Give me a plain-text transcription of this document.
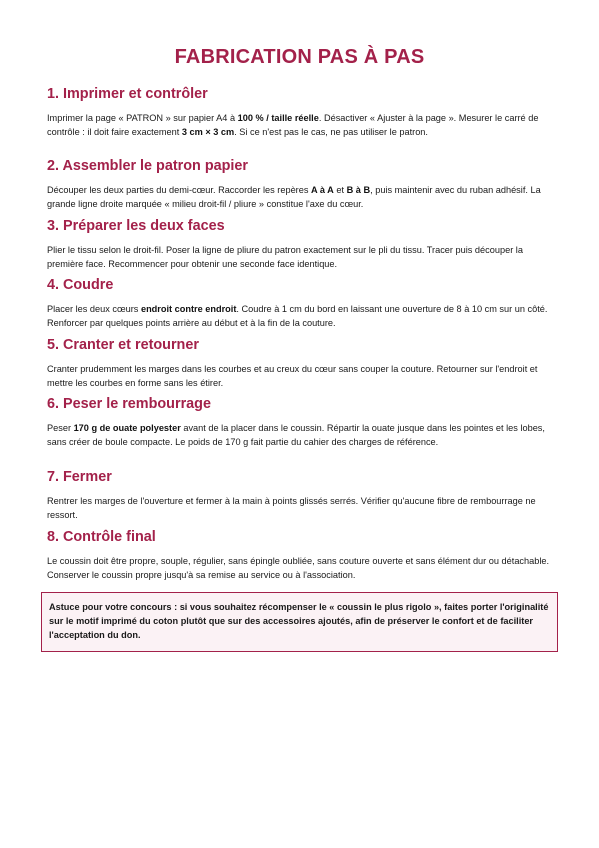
FABRICATION PAS À PAS
1. Imprimer et contrôler

Imprimer la page « PATRON » sur papier A4 à 100 % / taille réelle. Désactiver « Ajuster à la page ». Mesurer le carré de contrôle : il doit faire exactement 3 cm × 3 cm. Si ce n'est pas le cas, ne pas utiliser le patron.

2. Assembler le patron papier

Découper les deux parties du demi-cœur. Raccorder les repères A à A et B à B, puis maintenir avec du ruban adhésif. La grande ligne droite marquée « milieu droit-fil / pliure » constitue l'axe du cœur.

3. Préparer les deux faces

Plier le tissu selon le droit-fil. Poser la ligne de pliure du patron exactement sur le pli du tissu. Tracer puis découper la première face. Recommencer pour obtenir une seconde face identique.

4. Coudre

Placer les deux cœurs endroit contre endroit. Coudre à 1 cm du bord en laissant une ouverture de 8 à 10 cm sur un côté. Renforcer par quelques points arrière au début et à la fin de la couture.

5. Cranter et retourner

Cranter prudemment les marges dans les courbes et au creux du cœur sans couper la couture. Retourner sur l'endroit et mettre les courbes en forme sans les étirer.

6. Peser le rembourrage

Peser 170 g de ouate polyester avant de la placer dans le coussin. Répartir la ouate jusque dans les pointes et les lobes, sans créer de boule compacte. Le poids de 170 g fait partie du cahier des charges de référence.

7. Fermer

Rentrer les marges de l'ouverture et fermer à la main à points glissés serrés. Vérifier qu'aucune fibre de rembourrage ne ressort.

8. Contrôle final

Le coussin doit être propre, souple, régulier, sans épingle oubliée, sans couture ouverte et sans élément dur ou détachable. Conserver le coussin propre jusqu'à sa remise au service ou à l'association.

Astuce pour votre concours : si vous souhaitez récompenser le « coussin le plus rigolo », faites porter l'originalité sur le motif imprimé du coton plutôt que sur des accessoires ajoutés, afin de préserver le confort et de faciliter l'acceptation du don.
